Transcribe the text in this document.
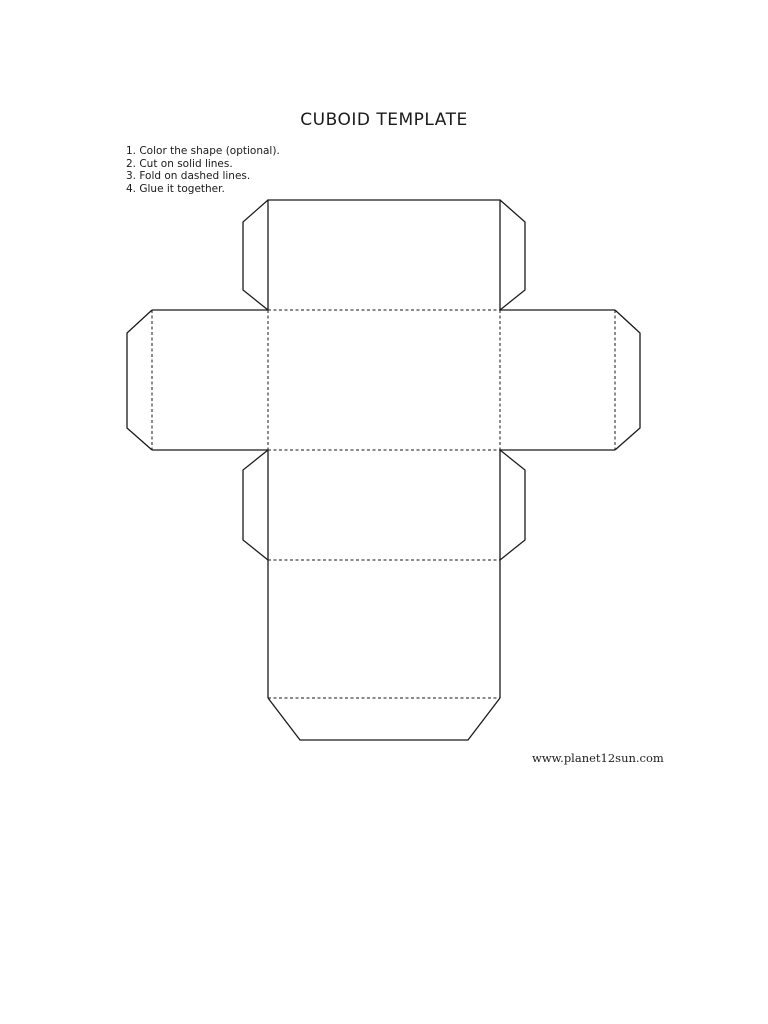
CUBOID TEMPLATE
1. Color the shape (optional).
2. Cut on solid lines.
3. Fold on dashed lines.
4. Glue it together.
www.planet12sun.com
